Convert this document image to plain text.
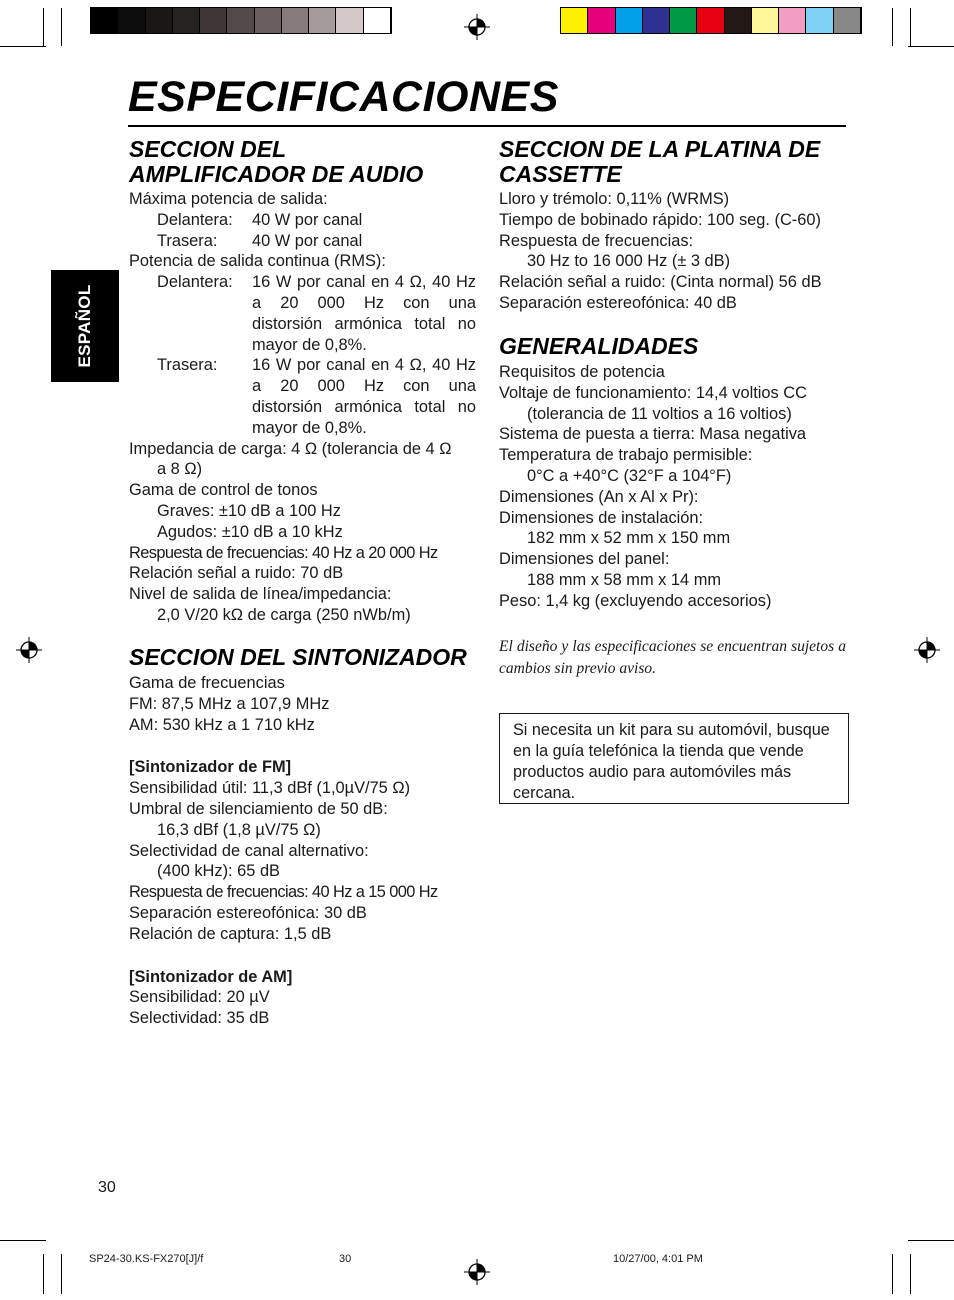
ESPECIFICACIONES
ESPAÑOL
SECCION DEL
AMPLIFICADOR DE AUDIO
Máxima potencia de salida:
Delantera:	40 W por canal
Trasera:	40 W por canal
Potencia de salida continua (RMS):
Delantera:	16 W por canal en 4 Ω, 40 Hz a 20 000 Hz con una distorsión armónica total no mayor de 0,8%.
Trasera:	16 W por canal en 4 Ω, 40 Hz a 20 000 Hz con una distorsión armónica total no mayor de 0,8%.
Impedancia de carga: 4 Ω (tolerancia de 4 Ω
a 8 Ω)
Gama de control de tonos
Graves: ±10 dB a 100 Hz
Agudos: ±10 dB a 10 kHz
Respuesta de frecuencias: 40 Hz a 20 000 Hz
Relación señal a ruido: 70 dB
Nivel de salida de línea/impedancia:
2,0 V/20 kΩ de carga (250 nWb/m)
SECCION DEL SINTONIZADOR
Gama de frecuencias
FM: 87,5 MHz a 107,9 MHz
AM: 530 kHz a 1 710 kHz
[Sintonizador de FM]
Sensibilidad útil: 11,3 dBf (1,0µV/75 Ω)
Umbral de silenciamiento de 50 dB:
16,3 dBf (1,8 µV/75 Ω)
Selectividad de canal alternativo:
(400 kHz): 65 dB
Respuesta de frecuencias: 40 Hz a 15 000 Hz
Separación estereofónica: 30 dB
Relación de captura: 1,5 dB
[Sintonizador de AM]
Sensibilidad: 20 µV
Selectividad: 35 dB
SECCION DE LA PLATINA DE
CASSETTE
Lloro y trémolo: 0,11% (WRMS)
Tiempo de bobinado rápido: 100 seg. (C-60)
Respuesta de frecuencias:
30 Hz to 16 000 Hz (± 3 dB)
Relación señal a ruido: (Cinta normal) 56 dB
Separación estereofónica: 40 dB
GENERALIDADES
Requisitos de potencia
Voltaje de funcionamiento: 14,4 voltios CC
(tolerancia de 11 voltios a 16 voltios)
Sistema de puesta a tierra: Masa negativa
Temperatura de trabajo permisible:
0°C a +40°C (32°F a 104°F)
Dimensiones (An x Al x Pr):
Dimensiones de instalación:
182 mm x 52 mm x 150 mm
Dimensiones del panel:
188 mm x 58 mm x 14 mm
Peso: 1,4 kg (excluyendo accesorios)
El diseño y las especificaciones se encuentran sujetos a cambios sin previo aviso.
Si necesita un kit para su automóvil, busque en la guía telefónica la tienda que vende productos audio para automóviles más cercana.
30
SP24-30.KS-FX270[J]/f	30	10/27/00, 4:01 PM
